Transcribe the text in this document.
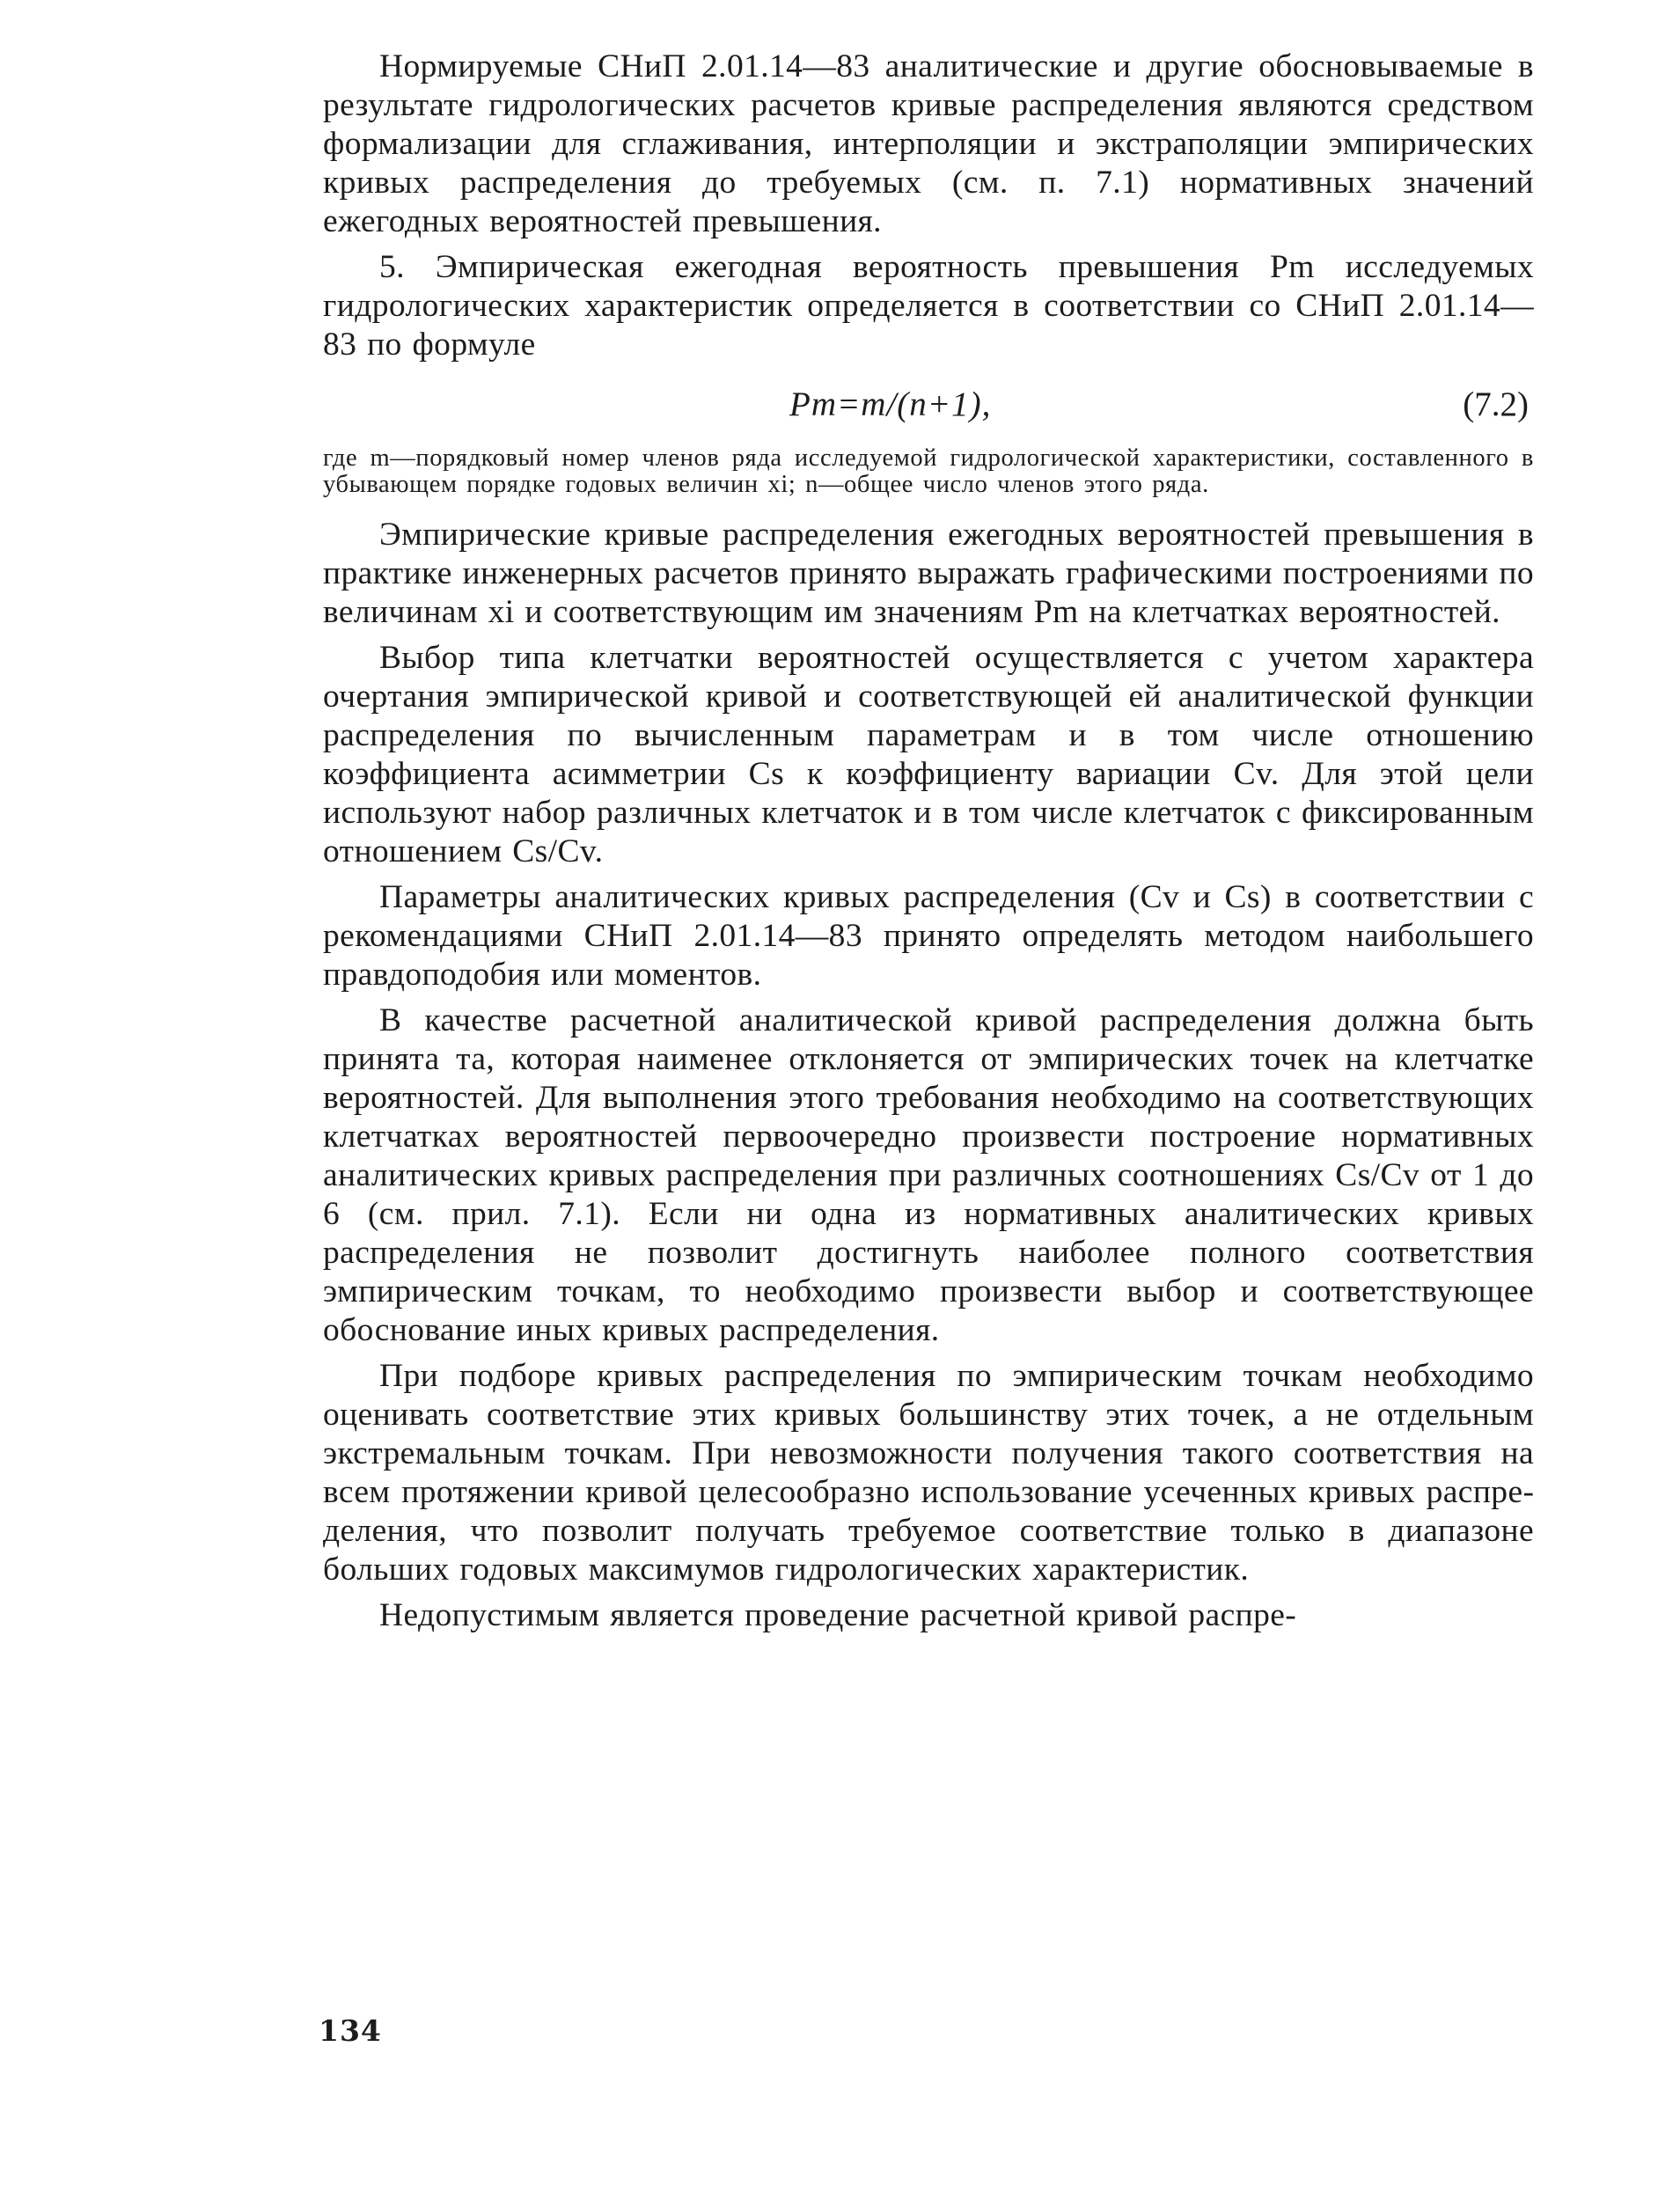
Нормируемые СНиП 2.01.14—83 аналитические и другие обосновываемые в результате гидрологических расчетов кривые распределения являются средством формализации для сглаживания, интерполяции и экстраполяции эмпирических кривых распределения до требуемых (см. п. 7.1) нормативных значений ежегодных вероятностей превышения.

5. Эмпирическая ежегодная вероятность превышения Pm исследуемых гидрологических характеристик определяется в соответствии со СНиП 2.01.14—83 по формуле

Pm=m/(n+1),	(7.2)

где m—порядковый номер членов ряда исследуемой гидрологической характеристики, составленного в убывающем порядке годовых величин xi; n—общее число членов этого ряда.

Эмпирические кривые распределения ежегодных вероятностей превышения в практике инженерных расчетов принято выражать графическими построениями по величинам xi и соответствующим им значениям Pm на клетчатках вероятностей.

Выбор типа клетчатки вероятностей осуществляется с учетом характера очертания эмпирической кривой и соответствующей ей аналитической функции распределения по вычисленным параметрам и в том числе отношению коэффициента асимметрии Cs к коэффициенту вариации Cv. Для этой цели используют набор различных клетчаток и в том числе клетчаток с фиксированным отношением Cs/Cv.

Параметры аналитических кривых распределения (Cv и Cs) в соответствии с рекомендациями СНиП 2.01.14—83 принято определять методом наибольшего правдоподобия или моментов.

В качестве расчетной аналитической кривой распределения должна быть принята та, которая наименее отклоняется от эмпирических точек на клетчатке вероятностей. Для выполнения этого требования необходимо на соответствующих клетчатках вероятностей первоочередно произвести построение нормативных аналитических кривых распределения при различных соотношениях Cs/Cv от 1 до 6 (см. прил. 7.1). Если ни одна из нормативных аналитических кривых распределения не позволит достигнуть наиболее полного соответствия эмпирическим точкам, то необходимо произвести выбор и соответствующее обоснование иных кривых распределения.

При подборе кривых распределения по эмпирическим точкам необходимо оценивать соответствие этих кривых большинству этих точек, а не отдельным экстремальным точкам. При невозможности получения такого соответствия на всем протяжении кривой целесообразно использование усеченных кривых распределения, что позволит получать требуемое соответствие только в диапазоне больших годовых максимумов гидрологических характеристик.

Недопустимым является проведение расчетной кривой распре-

134
